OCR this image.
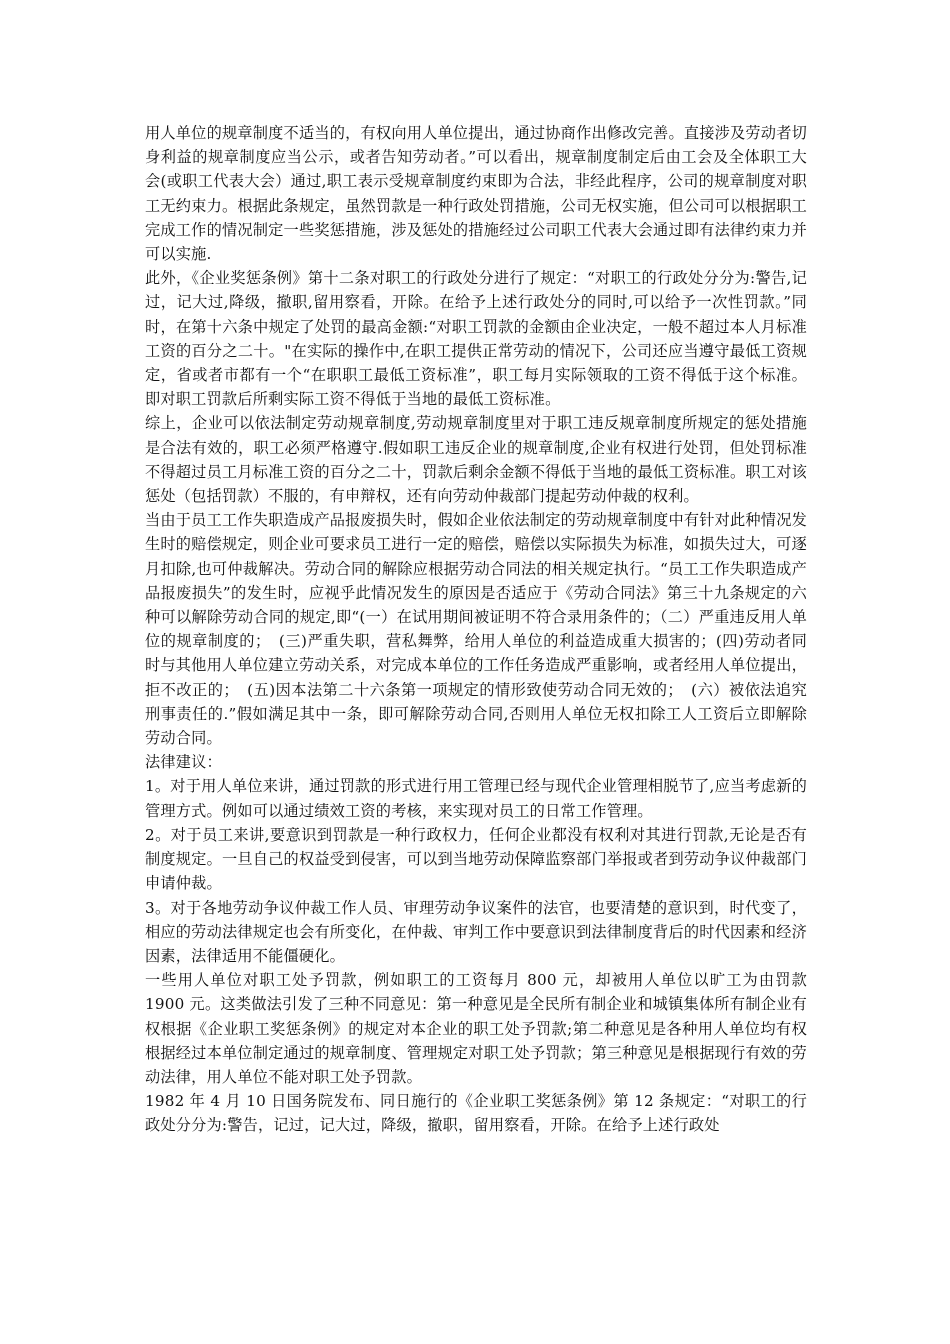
用人单位的规章制度不适当的，有权向用人单位提出，通过协商作出修改完善。直接涉及劳动者切身利益的规章制度应当公示，或者告知劳动者。”可以看出，规章制度制定后由工会及全体职工大会(或职工代表大会）通过,职工表示受规章制度约束即为合法，非经此程序，公司的规章制度对职工无约束力。根据此条规定，虽然罚款是一种行政处罚措施，公司无权实施，但公司可以根据职工完成工作的情况制定一些奖惩措施，涉及惩处的措施经过公司职工代表大会通过即有法律约束力并可以实施.

此外，《企业奖惩条例》第十二条对职工的行政处分进行了规定：“对职工的行政处分分为:警告,记过，记大过,降级，撤职,留用察看，开除。在给予上述行政处分的同时,可以给予一次性罚款。”同时，在第十六条中规定了处罚的最高金额:“对职工罚款的金额由企业决定，一般不超过本人月标准工资的百分之二十。"在实际的操作中,在职工提供正常劳动的情况下，公司还应当遵守最低工资规定，省或者市都有一个“在职职工最低工资标准”，职工每月实际领取的工资不得低于这个标准。即对职工罚款后所剩实际工资不得低于当地的最低工资标准。

综上，企业可以依法制定劳动规章制度,劳动规章制度里对于职工违反规章制度所规定的惩处措施是合法有效的，职工必须严格遵守.假如职工违反企业的规章制度,企业有权进行处罚，但处罚标准不得超过员工月标准工资的百分之二十，罚款后剩余金额不得低于当地的最低工资标准。职工对该惩处（包括罚款）不服的，有申辩权，还有向劳动仲裁部门提起劳动仲裁的权利。

当由于员工工作失职造成产品报废损失时，假如企业依法制定的劳动规章制度中有针对此种情况发生时的赔偿规定，则企业可要求员工进行一定的赔偿，赔偿以实际损失为标准，如损失过大，可逐月扣除,也可仲裁解决。劳动合同的解除应根据劳动合同法的相关规定执行。“员工工作失职造成产品报废损失”的发生时，应视乎此情况发生的原因是否适应于《劳动合同法》第三十九条规定的六种可以解除劳动合同的规定,即“(一）在试用期间被证明不符合录用条件的；（二）严重违反用人单位的规章制度的；　(三)严重失职，营私舞弊，给用人单位的利益造成重大损害的；(四)劳动者同时与其他用人单位建立劳动关系，对完成本单位的工作任务造成严重影响，或者经用人单位提出，拒不改正的；　(五)因本法第二十六条第一项规定的情形致使劳动合同无效的；　(六）被依法追究刑事责任的.”假如满足其中一条，即可解除劳动合同,否则用人单位无权扣除工人工资后立即解除劳动合同。

法律建议：

1。对于用人单位来讲，通过罚款的形式进行用工管理已经与现代企业管理相脱节了,应当考虑新的管理方式。例如可以通过绩效工资的考核，来实现对员工的日常工作管理。

2。对于员工来讲,要意识到罚款是一种行政权力，任何企业都没有权利对其进行罚款,无论是否有制度规定。一旦自己的权益受到侵害，可以到当地劳动保障监察部门举报或者到劳动争议仲裁部门申请仲裁。

3。对于各地劳动争议仲裁工作人员、审理劳动争议案件的法官，也要清楚的意识到，时代变了，相应的劳动法律规定也会有所变化，在仲裁、审判工作中要意识到法律制度背后的时代因素和经济因素，法律适用不能僵硬化。

一些用人单位对职工处予罚款，例如职工的工资每月 800 元，却被用人单位以旷工为由罚款 1900 元。这类做法引发了三种不同意见：第一种意见是全民所有制企业和城镇集体所有制企业有权根据《企业职工奖惩条例》的规定对本企业的职工处予罚款;第二种意见是各种用人单位均有权根据经过本单位制定通过的规章制度、管理规定对职工处予罚款；第三种意见是根据现行有效的劳动法律，用人单位不能对职工处予罚款。

1982 年 4 月 10 日国务院发布、同日施行的《企业职工奖惩条例》第 12 条规定：“对职工的行政处分分为:警告，记过，记大过，降级，撤职，留用察看，开除。在给予上述行政处
